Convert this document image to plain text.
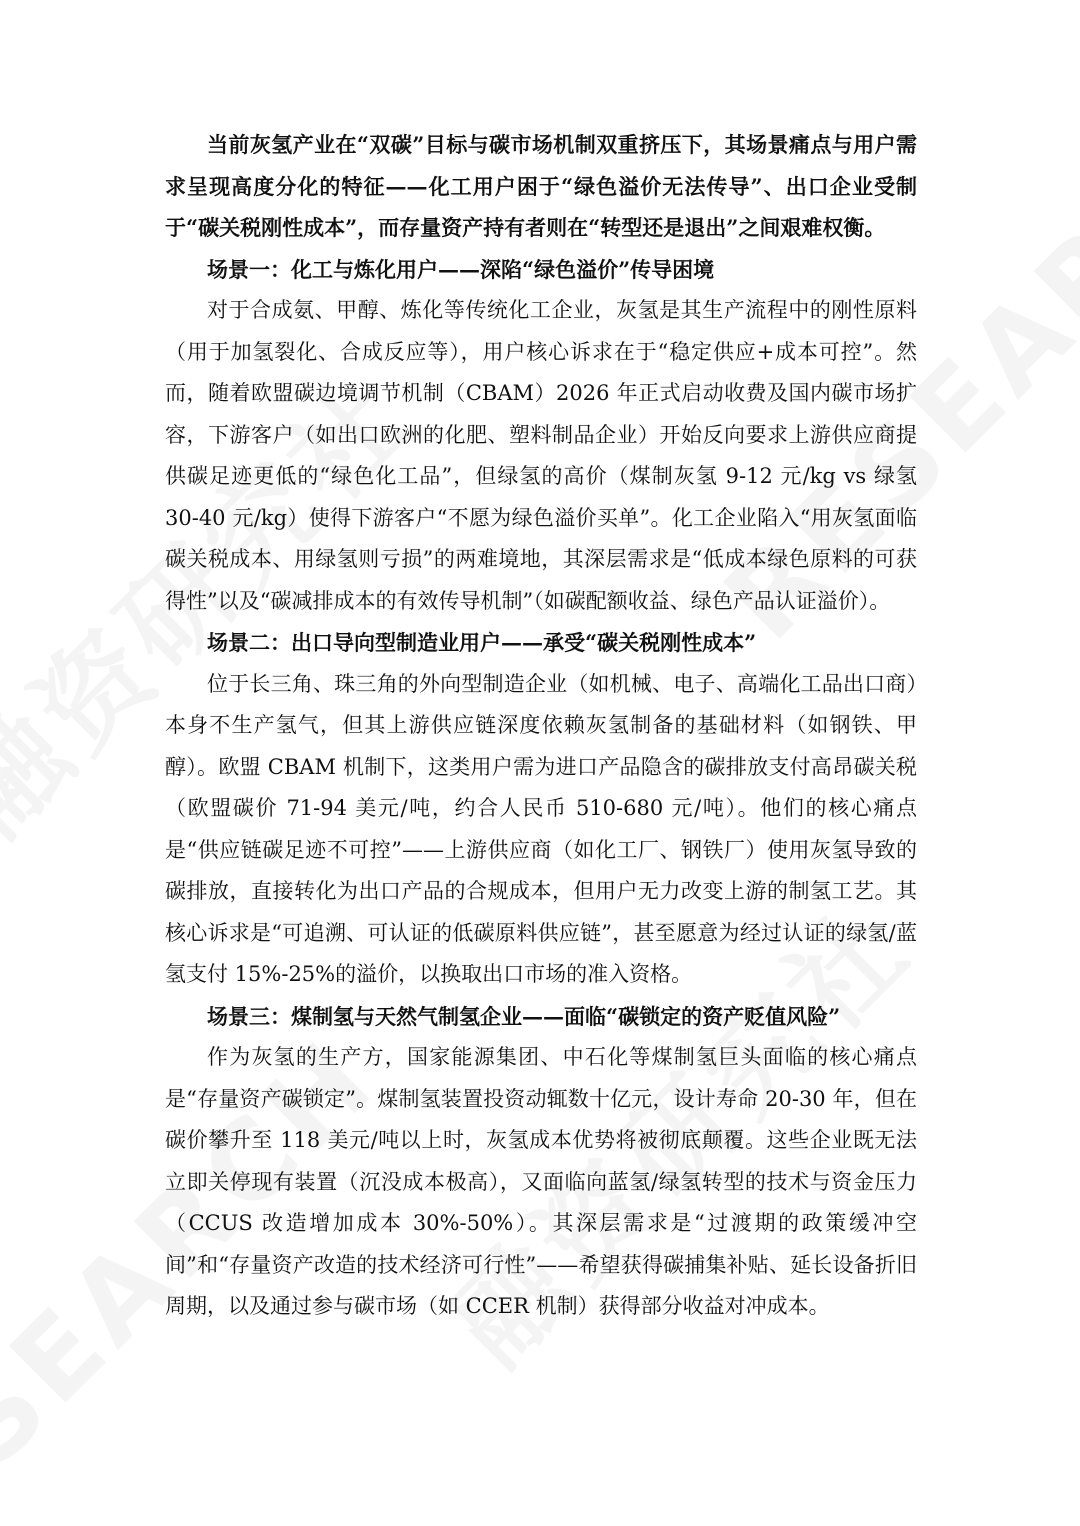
当前灰氢产业在“双碳”目标与碳市场机制双重挤压下，其场景痛点与用户需求呈现高度分化的特征——化工用户困于“绿色溢价无法传导”、出口企业受制于“碳关税刚性成本”，而存量资产持有者则在“转型还是退出”之间艰难权衡。

场景一：化工与炼化用户——深陷“绿色溢价”传导困境

对于合成氨、甲醇、炼化等传统化工企业，灰氢是其生产流程中的刚性原料（用于加氢裂化、合成反应等），用户核心诉求在于“稳定供应+成本可控”。然而，随着欧盟碳边境调节机制（CBAM）2026 年正式启动收费及国内碳市场扩容，下游客户（如出口欧洲的化肥、塑料制品企业）开始反向要求上游供应商提供碳足迹更低的“绿色化工品”，但绿氢的高价（煤制灰氢 9-12 元/kg vs 绿氢 30-40 元/kg）使得下游客户“不愿为绿色溢价买单”。化工企业陷入“用灰氢面临碳关税成本、用绿氢则亏损”的两难境地，其深层需求是“低成本绿色原料的可获得性”以及“碳减排成本的有效传导机制”（如碳配额收益、绿色产品认证溢价）。

场景二：出口导向型制造业用户——承受“碳关税刚性成本”

位于长三角、珠三角的外向型制造企业（如机械、电子、高端化工品出口商）本身不生产氢气，但其上游供应链深度依赖灰氢制备的基础材料（如钢铁、甲醇）。欧盟 CBAM 机制下，这类用户需为进口产品隐含的碳排放支付高昂碳关税（欧盟碳价 71-94 美元/吨，约合人民币 510-680 元/吨）。他们的核心痛点是“供应链碳足迹不可控”——上游供应商（如化工厂、钢铁厂）使用灰氢导致的碳排放，直接转化为出口产品的合规成本，但用户无力改变上游的制氢工艺。其核心诉求是“可追溯、可认证的低碳原料供应链”，甚至愿意为经过认证的绿氢/蓝氢支付 15%-25%的溢价，以换取出口市场的准入资格。

场景三：煤制氢与天然气制氢企业——面临“碳锁定的资产贬值风险”

作为灰氢的生产方，国家能源集团、中石化等煤制氢巨头面临的核心痛点是“存量资产碳锁定”。煤制氢装置投资动辄数十亿元，设计寿命 20-30 年，但在碳价攀升至 118 美元/吨以上时，灰氢成本优势将被彻底颠覆。这些企业既无法立即关停现有装置（沉没成本极高），又面临向蓝氢/绿氢转型的技术与资金压力（CCUS 改造增加成本 30%-50%）。其深层需求是“过渡期的政策缓冲空间”和“存量资产改造的技术经济可行性”——希望获得碳捕集补贴、延长设备折旧周期，以及通过参与碳市场（如 CCER 机制）获得部分收益对冲成本。
